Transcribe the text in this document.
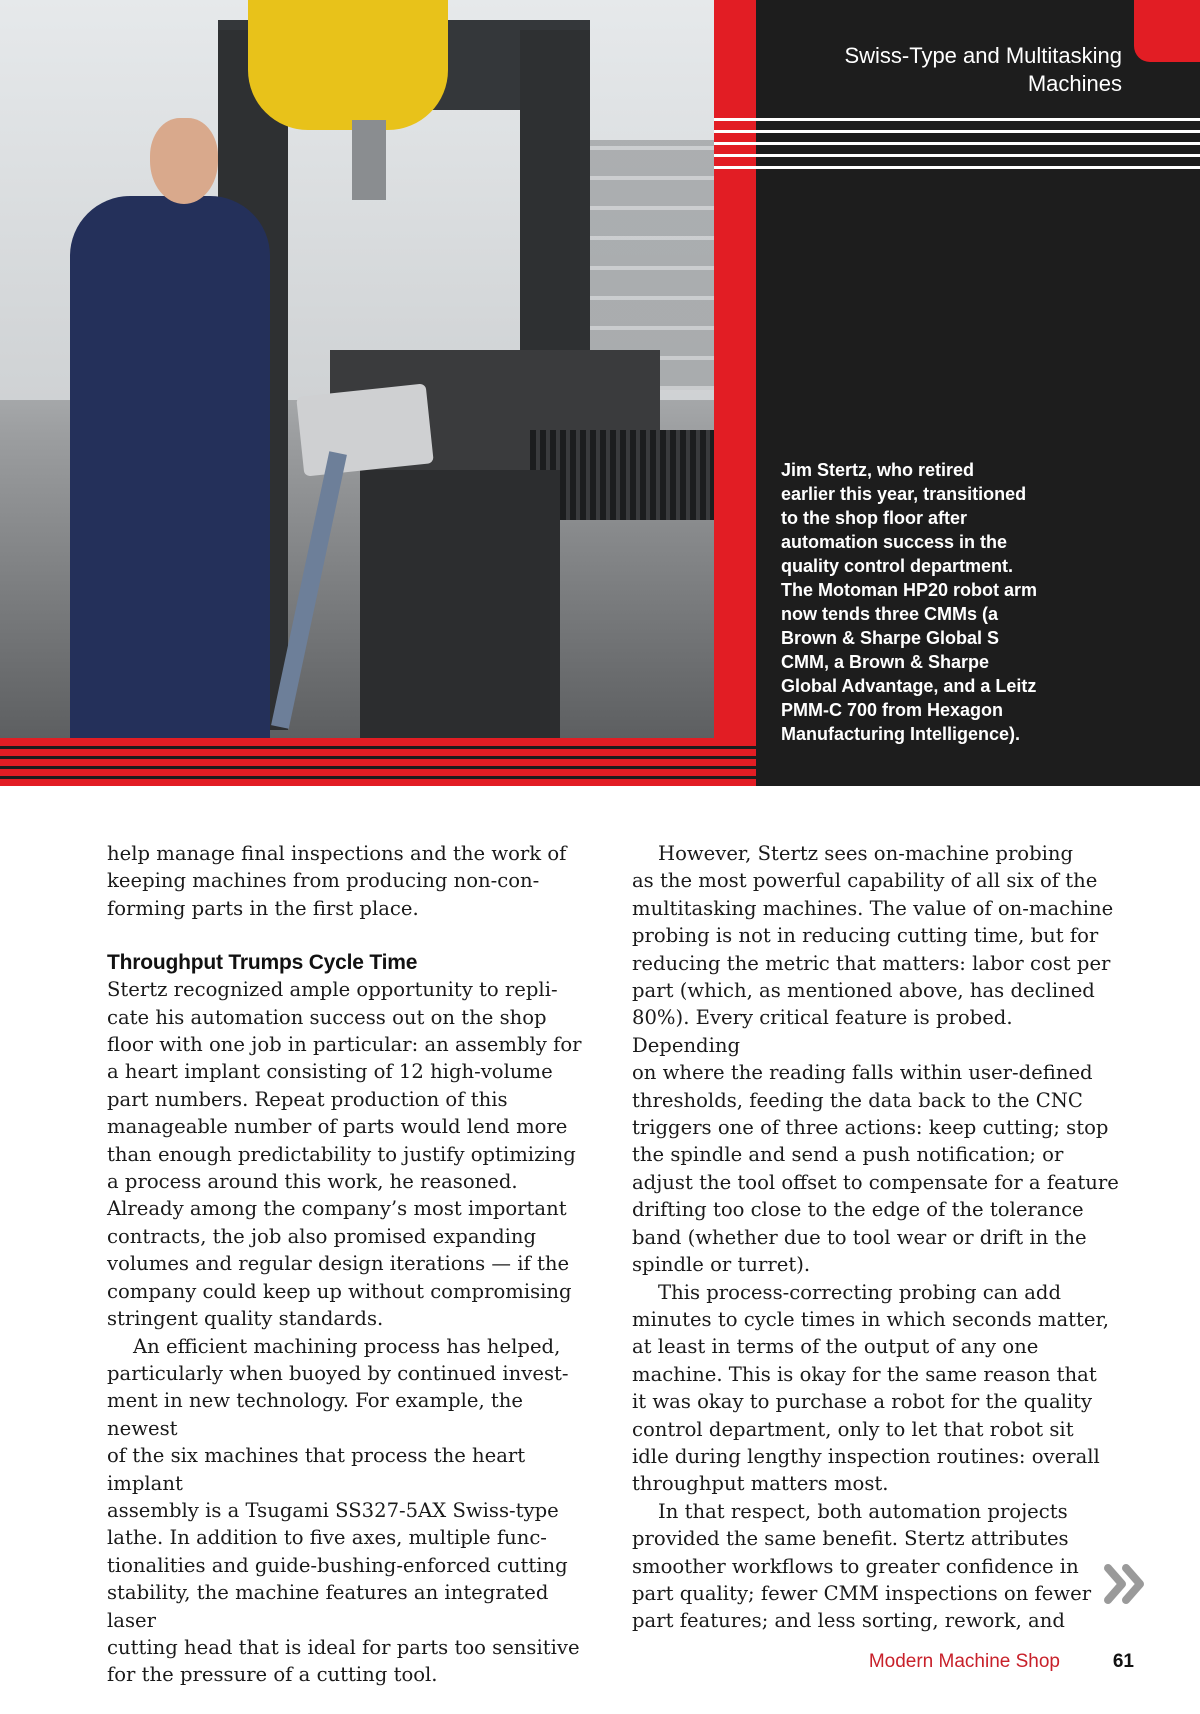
Swiss-Type and Multitasking Machines

Jim Stertz, who retired
earlier this year, transitioned
to the shop floor after
automation success in the
quality control department.
The Motoman HP20 robot arm
now tends three CMMs (a
Brown & Sharpe Global S
CMM, a Brown & Sharpe
Global Advantage, and a Leitz
PMM-C 700 from Hexagon
Manufacturing Intelligence).

help manage final inspections and the work of
keeping machines from producing non-con-
forming parts in the first place.

Throughput Trumps Cycle Time

Stertz recognized ample opportunity to repli-
cate his automation success out on the shop
floor with one job in particular: an assembly for
a heart implant consisting of 12 high-volume
part numbers. Repeat production of this
manageable number of parts would lend more
than enough predictability to justify optimizing
a process around this work, he reasoned.
Already among the company’s most important
contracts, the job also promised expanding
volumes and regular design iterations — if the
company could keep up without compromising
stringent quality standards.

An efficient machining process has helped,
particularly when buoyed by continued invest-
ment in new technology. For example, the newest
of the six machines that process the heart implant
assembly is a Tsugami SS327-5AX Swiss-type
lathe. In addition to five axes, multiple func-
tionalities and guide-bushing-enforced cutting
stability, the machine features an integrated laser
cutting head that is ideal for parts too sensitive
for the pressure of a cutting tool.

However, Stertz sees on-machine probing
as the most powerful capability of all six of the
multitasking machines. The value of on-machine
probing is not in reducing cutting time, but for
reducing the metric that matters: labor cost per
part (which, as mentioned above, has declined
80%). Every critical feature is probed. Depending
on where the reading falls within user-defined
thresholds, feeding the data back to the CNC
triggers one of three actions: keep cutting; stop
the spindle and send a push notification; or
adjust the tool offset to compensate for a feature
drifting too close to the edge of the tolerance
band (whether due to tool wear or drift in the
spindle or turret).

This process-correcting probing can add
minutes to cycle times in which seconds matter,
at least in terms of the output of any one
machine. This is okay for the same reason that
it was okay to purchase a robot for the quality
control department, only to let that robot sit
idle during lengthy inspection routines: overall
throughput matters most.

In that respect, both automation projects
provided the same benefit. Stertz attributes
smoother workflows to greater confidence in
part quality; fewer CMM inspections on fewer
part features; and less sorting, rework, and

Modern Machine Shop	61
